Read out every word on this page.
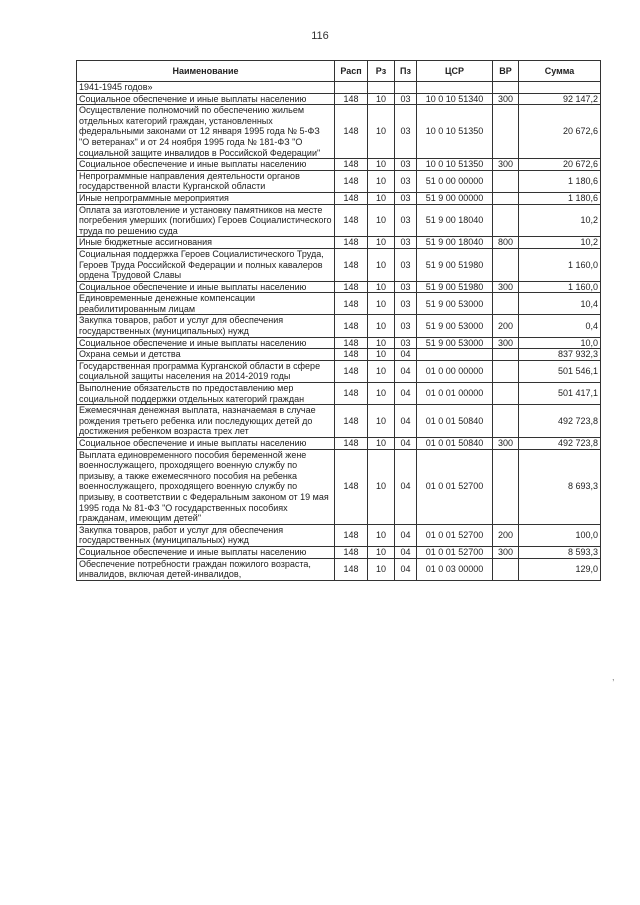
116
Наименование	Расп	Рз	Пз	ЦСР	ВР	Сумма
1941-1945 годов»						
Социальное обеспечение и иные выплаты населению	148	10	03	10 0 10 51340	300	92 147,2
Осуществление полномочий по обеспечению жильем отдельных категорий граждан, установленных федеральными законами от 12 января 1995 года № 5-ФЗ "О ветеранах" и от 24 ноября 1995 года № 181-ФЗ "О социальной защите инвалидов в Российской Федерации"	148	10	03	10 0 10 51350		20 672,6
Социальное обеспечение и иные выплаты населению	148	10	03	10 0 10 51350	300	20 672,6
Непрограммные направления деятельности органов государственной власти Курганской области	148	10	03	51 0 00 00000		1 180,6
Иные непрограммные мероприятия	148	10	03	51 9 00 00000		1 180,6
Оплата за изготовление и установку памятников на месте погребения умерших (погибших) Героев Социалистического труда по решению суда	148	10	03	51 9 00 18040		10,2
Иные бюджетные ассигнования	148	10	03	51 9 00 18040	800	10,2
Социальная поддержка Героев Социалистического Труда, Героев Труда Российской Федерации и полных кавалеров ордена Трудовой Славы	148	10	03	51 9 00 51980		1 160,0
Социальное обеспечение и иные выплаты населению	148	10	03	51 9 00 51980	300	1 160,0
Единовременные денежные компенсации реабилитированным лицам	148	10	03	51 9 00 53000		10,4
Закупка товаров, работ и услуг для обеспечения государственных (муниципальных) нужд	148	10	03	51 9 00 53000	200	0,4
Социальное обеспечение и иные выплаты населению	148	10	03	51 9 00 53000	300	10,0
Охрана семьи и детства	148	10	04			837 932,3
Государственная программа Курганской области в сфере социальной защиты населения на 2014-2019 годы	148	10	04	01 0 00 00000		501 546,1
Выполнение обязательств по предоставлению мер социальной поддержки отдельных категорий граждан	148	10	04	01 0 01 00000		501 417,1
Ежемесячная денежная выплата, назначаемая в случае рождения третьего ребенка или последующих детей до достижения ребенком возраста трех лет	148	10	04	01 0 01 50840		492 723,8
Социальное обеспечение и иные выплаты населению	148	10	04	01 0 01 50840	300	492 723,8
Выплата единовременного пособия беременной жене военнослужащего, проходящего военную службу по призыву, а также ежемесячного пособия на ребенка военнослужащего, проходящего военную службу по призыву, в соответствии с Федеральным законом от 19 мая 1995 года № 81-ФЗ "О государственных пособиях гражданам, имеющим детей"	148	10	04	01 0 01 52700		8 693,3
Закупка товаров, работ и услуг для обеспечения государственных (муниципальных) нужд	148	10	04	01 0 01 52700	200	100,0
Социальное обеспечение и иные выплаты населению	148	10	04	01 0 01 52700	300	8 593,3
Обеспечение потребности граждан пожилого возраста, инвалидов, включая детей-инвалидов,	148	10	04	01 0 03 00000		129,0
,
